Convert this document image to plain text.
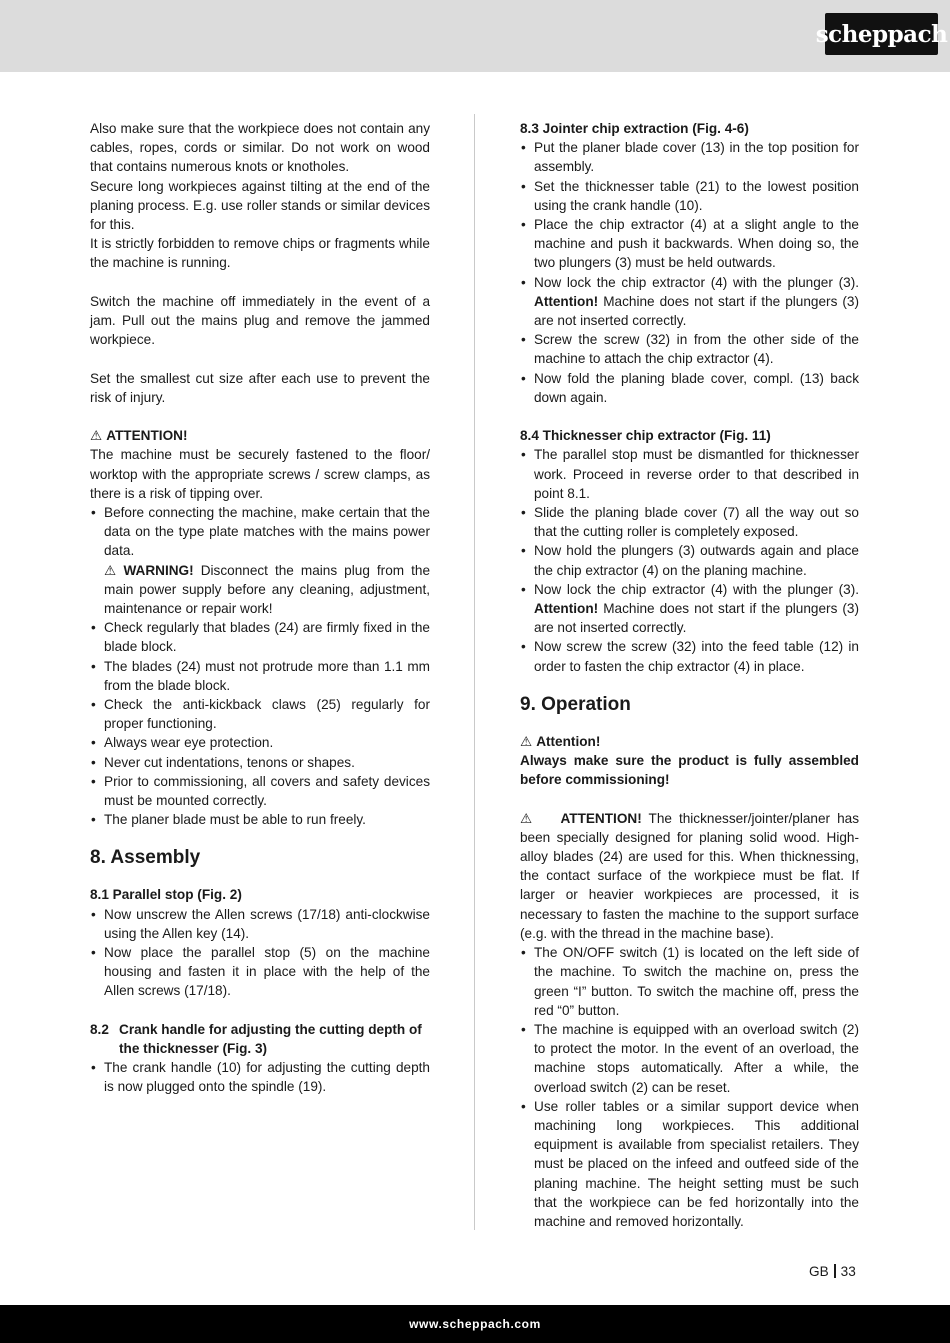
scheppach

Also make sure that the workpiece does not contain any cables, ropes, cords or similar. Do not work on wood that contains numerous knots or knotholes.

Secure long workpieces against tilting at the end of the planing process. E.g. use roller stands or similar devices for this.

It is strictly forbidden to remove chips or fragments while the machine is running.

Switch the machine off immediately in the event of a jam. Pull out the mains plug and remove the jammed workpiece.

Set the smallest cut size after each use to prevent the risk of injury.

⚠ ATTENTION!

The machine must be securely fastened to the floor/ worktop with the appropriate screws / screw clamps, as there is a risk of tipping over.

• Before connecting the machine, make certain that the data on the type plate matches with the mains power data.
⚠ WARNING! Disconnect the mains plug from the main power supply before any cleaning, adjustment, maintenance or repair work!
• Check regularly that blades (24) are firmly fixed in the blade block.
• The blades (24) must not protrude more than 1.1 mm from the blade block.
• Check the anti-kickback claws (25) regularly for proper functioning.
• Always wear eye protection.
• Never cut indentations, tenons or shapes.
• Prior to commissioning, all covers and safety devices must be mounted correctly.
• The planer blade must be able to run freely.
8. Assembly

8.1 Parallel stop (Fig. 2)

• Now unscrew the Allen screws (17/18) anti-clockwise using the Allen key (14).
• Now place the parallel stop (5) on the machine housing and fasten it in place with the help of the Allen screws (17/18).
8.2 Crank handle for adjusting the cutting depth of the thicknesser (Fig. 3)
• The crank handle (10) for adjusting the cutting depth is now plugged onto the spindle (19).

8.3 Jointer chip extraction (Fig. 4-6)

• Put the planer blade cover (13) in the top position for assembly.
• Set the thicknesser table (21) to the lowest position using the crank handle (10).
• Place the chip extractor (4) at a slight angle to the machine and push it backwards. When doing so, the two plungers (3) must be held outwards.
• Now lock the chip extractor (4) with the plunger (3). Attention! Machine does not start if the plungers (3) are not inserted correctly.
• Screw the screw (32) in from the other side of the machine to attach the chip extractor (4).
• Now fold the planing blade cover, compl. (13) back down again.

8.4 Thicknesser chip extractor (Fig. 11)

• The parallel stop must be dismantled for thicknesser work. Proceed in reverse order to that described in point 8.1.
• Slide the planing blade cover (7) all the way out so that the cutting roller is completely exposed.
• Now hold the plungers (3) outwards again and place the chip extractor (4) on the planing machine.
• Now lock the chip extractor (4) with the plunger (3). Attention! Machine does not start if the plungers (3) are not inserted correctly.
• Now screw the screw (32) into the feed table (12) in order to fasten the chip extractor (4) in place.
9. Operation

⚠ Attention!

Always make sure the product is fully assembled before commissioning!

⚠ ATTENTION! The thicknesser/jointer/planer has been specially designed for planing solid wood. High-alloy blades (24) are used for this. When thicknessing, the contact surface of the workpiece must be flat. If larger or heavier workpieces are processed, it is necessary to fasten the machine to the support surface (e.g. with the thread in the machine base).

• The ON/OFF switch (1) is located on the left side of the machine. To switch the machine on, press the green “I” button. To switch the machine off, press the red “0” button.
• The machine is equipped with an overload switch (2) to protect the motor. In the event of an overload, the machine stops automatically. After a while, the overload switch (2) can be reset.
• Use roller tables or a similar support device when machining long workpieces. This additional equipment is available from specialist retailers. They must be placed on the infeed and outfeed side of the planing machine. The height setting must be such that the workpiece can be fed horizontally into the machine and removed horizontally.
GB 33
www.scheppach.com
